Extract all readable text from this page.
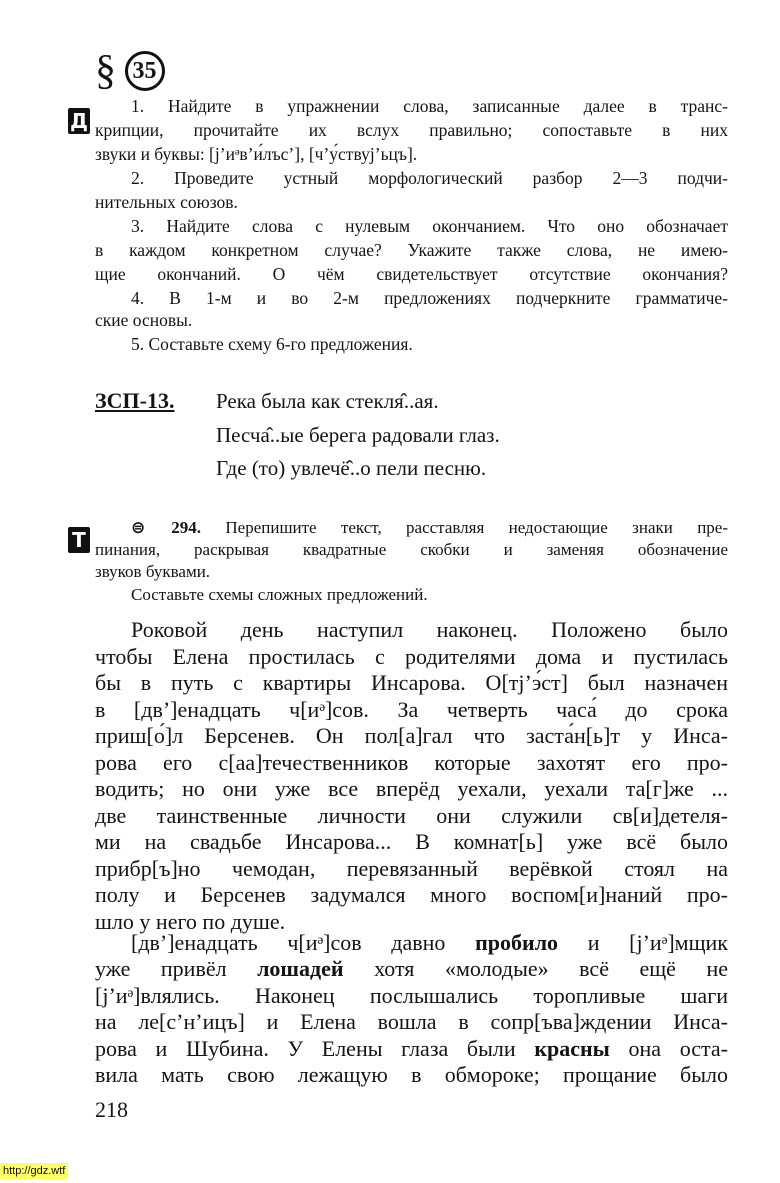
§ 35
Д
1. Найдите в упражнении слова, записанные далее в транс-
крипции, прочитайте их вслух правильно; сопоставьте в них
звуки и буквы: [j’иᵊв’и́лъс’], [ч’у́ствуj’ьцъ].
2. Проведите устный морфологический разбор 2—3 подчи-
нительных союзов.
3. Найдите слова с нулевым окончанием. Что оно обозначает
в каждом конкретном случае? Укажите также слова, не имею-
щие окончаний. О чём свидетельствует отсутствие окончания?
4. В 1-м и во 2-м предложениях подчеркните грамматиче-
ские основы.
5. Составьте схему 6-го предложения.
ЗСП-13. Река была как стекля̂..ая.
Песча̂..ые берега радовали глаз.
Где (то) увлечё̂..о пели песню.
Т	⊜ 294. Перепишите текст, расставляя недостающие знаки пре-
пинания, раскрывая квадратные скобки и заменяя обозначение
звуков буквами.
Составьте схемы сложных предложений.
Роковой день наступил наконец. Положено было
чтобы Елена простилась с родителями дома и пустилась
бы в путь с квартиры Инсарова. О[тj’э́ст] был назначен
в [дв’]енадцать ч[иᵊ]сов. За четверть часа́ до срока
приш[о́]л Берсенев. Он пол[а]гал что заста́н[ь]т у Инса-
рова его с[аа]течественников которые захотят его про-
водить; но они уже все вперёд уехали, уехали та[г]же ...
две таинственные личности они служили св[и]детеля-
ми на свадьбе Инсарова... В комнат[ь] уже всё было
прибр[ъ]но чемодан, перевязанный верёвкой стоял на
полу и Берсенев задумался много воспом[и]наний про-
шло у него по душе.
[дв’]енадцать ч[иᵊ]сов давно пробило и [j’иᵊ]мщик
уже привёл лошадей хотя «молодые» всё ещё не
[j’иᵊ]влялись. Наконец послышались торопливые шаги
на ле[с’н’ицъ] и Елена вошла в сопр[ъва]ждении Инса-
рова и Шубина. У Елены глаза были красны она оста-
вила мать свою лежащую в обмороке; прощание было
218
http://gdz.wtf
